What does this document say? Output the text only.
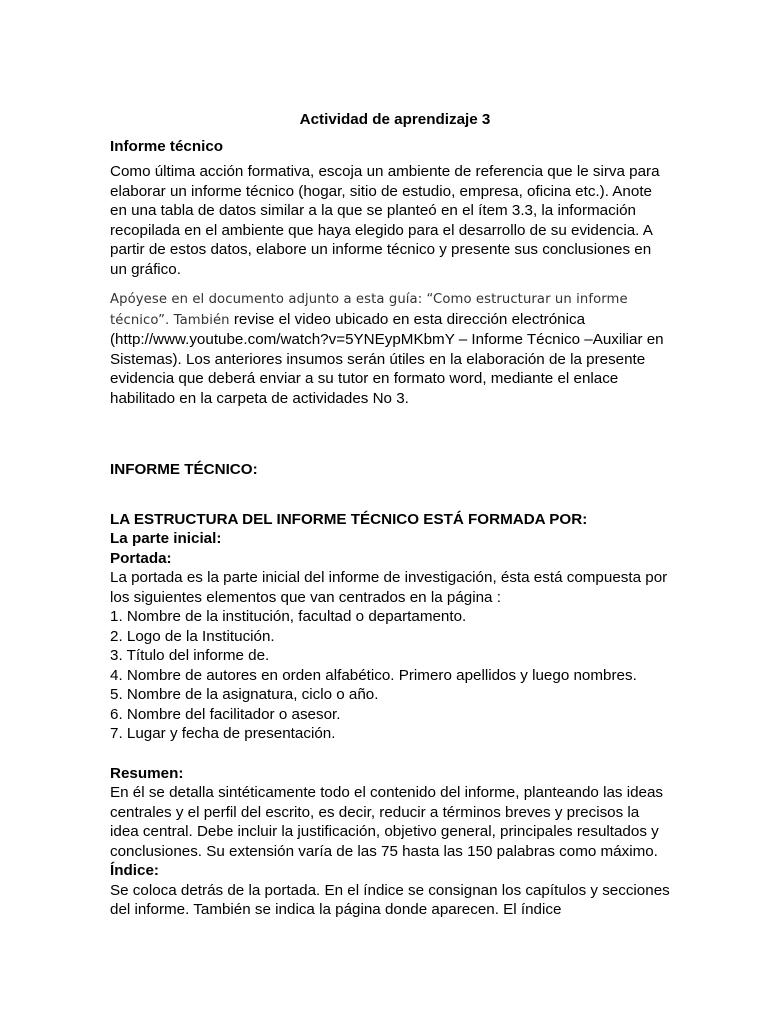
Actividad de aprendizaje 3

Informe técnico

Como última acción formativa, escoja un ambiente de referencia que le sirva para elaborar un informe técnico (hogar, sitio de estudio, empresa, oficina etc.). Anote en una tabla de datos similar a la que se planteó en el ítem 3.3, la información recopilada en el ambiente que haya elegido para el desarrollo de su evidencia. A partir de estos datos, elabore un informe técnico y presente sus conclusiones en un gráfico.

Apóyese en el documento adjunto a esta guía: “Como estructurar un informe técnico”. También revise el video ubicado en esta dirección electrónica (http://www.youtube.com/watch?v=5YNEypMKbmY – Informe Técnico –Auxiliar en Sistemas). Los anteriores insumos serán útiles en la elaboración de la presente evidencia que deberá enviar a su tutor en formato word, mediante el enlace habilitado en la carpeta de actividades No 3.

INFORME TÉCNICO:

LA ESTRUCTURA DEL INFORME TÉCNICO ESTÁ FORMADA POR:

La parte inicial:

Portada:

La portada es la parte inicial del informe de investigación, ésta está compuesta por los siguientes elementos que van centrados en la página :

1. Nombre de la institución, facultad o departamento.
2. Logo de la Institución.
3. Título del informe de.
4. Nombre de autores en orden alfabético. Primero apellidos y luego nombres.
5. Nombre de la asignatura, ciclo o año.
6. Nombre del facilitador o asesor.
7. Lugar y fecha de presentación.

Resumen:

En él se detalla sintéticamente todo el contenido del informe, planteando las ideas centrales y el perfil del escrito, es decir, reducir a términos breves y precisos la idea central. Debe incluir la justificación, objetivo general, principales resultados y conclusiones. Su extensión varía de las 75 hasta las 150 palabras como máximo.

Índice:

Se coloca detrás de la portada. En el índice se consignan los capítulos y secciones del informe. También se indica la página donde aparecen. El índice
